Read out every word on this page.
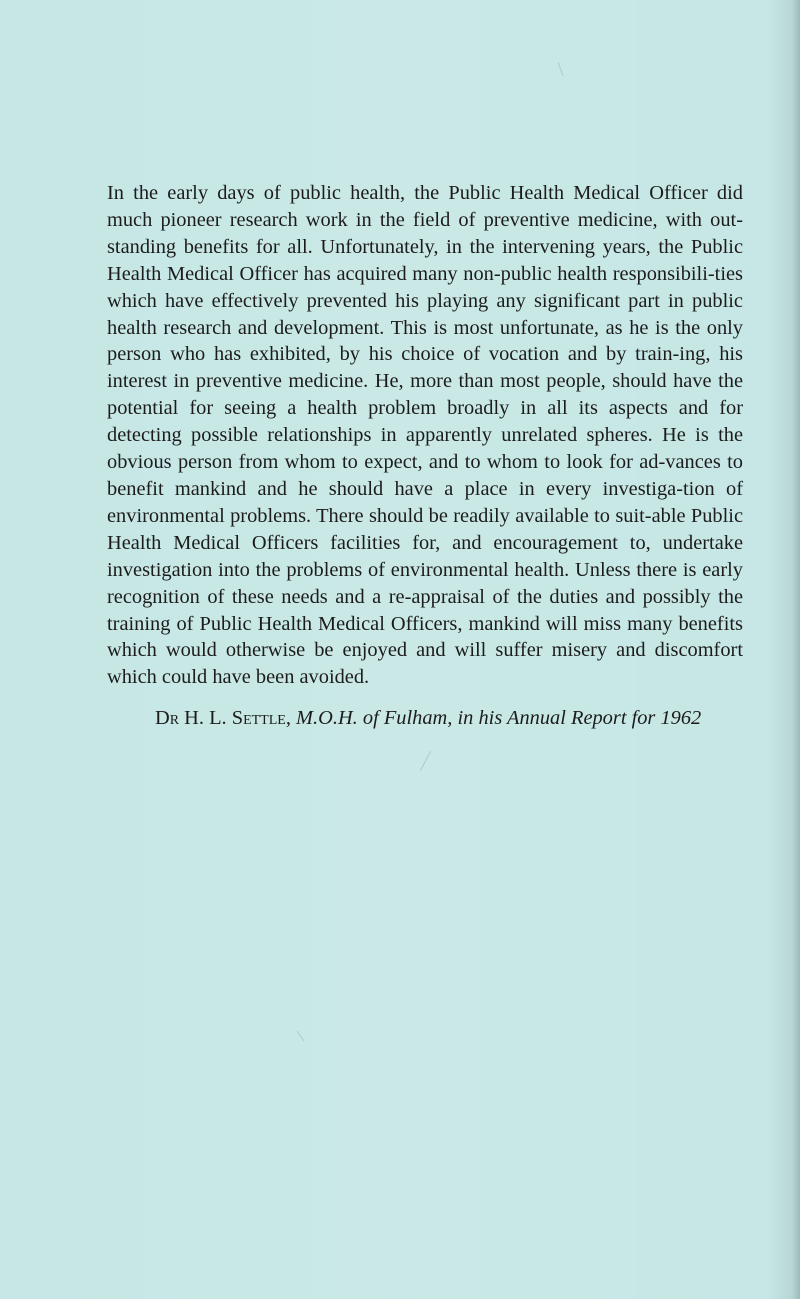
In the early days of public health, the Public Health Medical Officer did much pioneer research work in the field of preventive medicine, with out-standing benefits for all. Unfortunately, in the intervening years, the Public Health Medical Officer has acquired many non-public health responsibili-ties which have effectively prevented his playing any significant part in public health research and development. This is most unfortunate, as he is the only person who has exhibited, by his choice of vocation and by train-ing, his interest in preventive medicine. He, more than most people, should have the potential for seeing a health problem broadly in all its aspects and for detecting possible relationships in apparently unrelated spheres. He is the obvious person from whom to expect, and to whom to look for ad-vances to benefit mankind and he should have a place in every investiga-tion of environmental problems. There should be readily available to suit-able Public Health Medical Officers facilities for, and encouragement to, undertake investigation into the problems of environmental health. Unless there is early recognition of these needs and a re-appraisal of the duties and possibly the training of Public Health Medical Officers, mankind will miss many benefits which would otherwise be enjoyed and will suffer misery and discomfort which could have been avoided.

Dr H. L. Settle, M.O.H. of Fulham, in his Annual Report for 1962
